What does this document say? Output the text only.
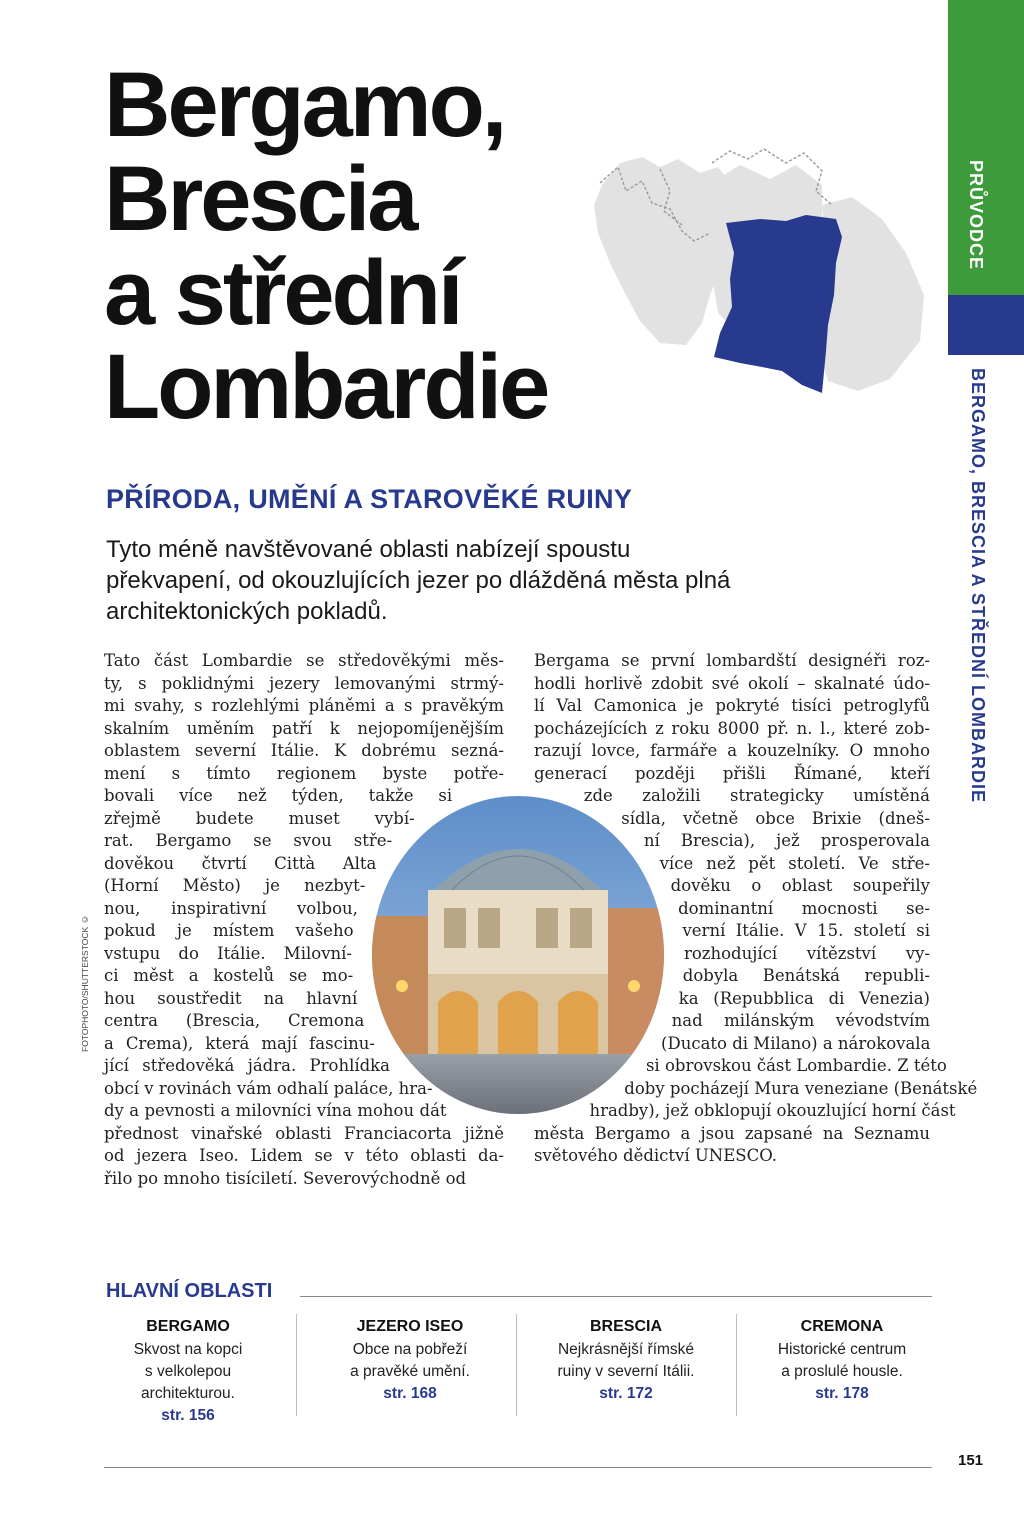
Bergamo,
Brescia
a střední
Lombardie
PRŮVODCE
BERGAMO, BRESCIA A STŘEDNÍ LOMBARDIE
PŘÍRODA, UMĚNÍ A STAROVĚKÉ RUINY

Tyto méně navštěvované oblasti nabízejí spoustu
překvapení, od okouzlujících jezer po dlážděná města plná
architektonických pokladů.

Tato část Lombardie se středověkými měs-
ty, s poklidnými jezery lemovanými strmý-
mi svahy, s rozlehlými pláněmi a s pravěkým
skalním uměním patří k nejopomíjenějším
oblastem severní Itálie. K dobrému sezná-
mení s tímto regionem byste potře-
bovali více než týden, takže si
zřejmě budete muset vybí-
rat. Bergamo se svou stře-
dověkou čtvrtí Città Alta
(Horní Město) je nezbyt-
nou, inspirativní volbou,
pokud je místem vašeho
vstupu do Itálie. Milovní-
ci měst a kostelů se mo-
hou soustředit na hlavní
centra (Brescia, Cremona
a Crema), která mají fascinu-
jící středověká jádra. Prohlídka
obcí v rovinách vám odhalí paláce, hra-
dy a pevnosti a milovníci vína mohou dát
přednost vinařské oblasti Franciacorta jižně
od jezera Iseo. Lidem se v této oblasti da-
řilo po mnoho tisíciletí. Severovýchodně od
Bergama se první lombardští designéři roz-
hodli horlivě zdobit své okolí – skalnaté údo-
lí Val Camonica je pokryté tisíci petroglyfů
pocházejících z roku 8000 př. n. l., které zob-
razují lovce, farmáře a kouzelníky. O mnoho
generací později přišli Římané, kteří
zde založili strategicky umístěná
sídla, včetně obce Brixie (dneš-
ní Brescia), jež prosperovala
více než pět století. Ve stře-
dověku o oblast soupeřily
dominantní mocnosti se-
verní Itálie. V 15. století si
rozhodující vítězství vy-
dobyla Benátská republi-
ka (Repubblica di Venezia)
nad milánským vévodstvím
(Ducato di Milano) a nárokovala
si obrovskou část Lombardie. Z této
doby pocházejí Mura veneziane (Benátské
hradby), jež obklopují okouzlující horní část
města Bergamo a jsou zapsané na Seznamu
světového dědictví UNESCO.
FOTOPHOTO/SHUTTERSTOCK ©
HLAVNÍ OBLASTI
BERGAMO
Skvost na kopci
s velkolepou
architekturou.
str. 156
JEZERO ISEO
Obce na pobřeží
a pravěké umění.
str. 168
BRESCIA
Nejkrásnější římské
ruiny v severní Itálii.
str. 172
CREMONA
Historické centrum
a proslulé housle.
str. 178
151
